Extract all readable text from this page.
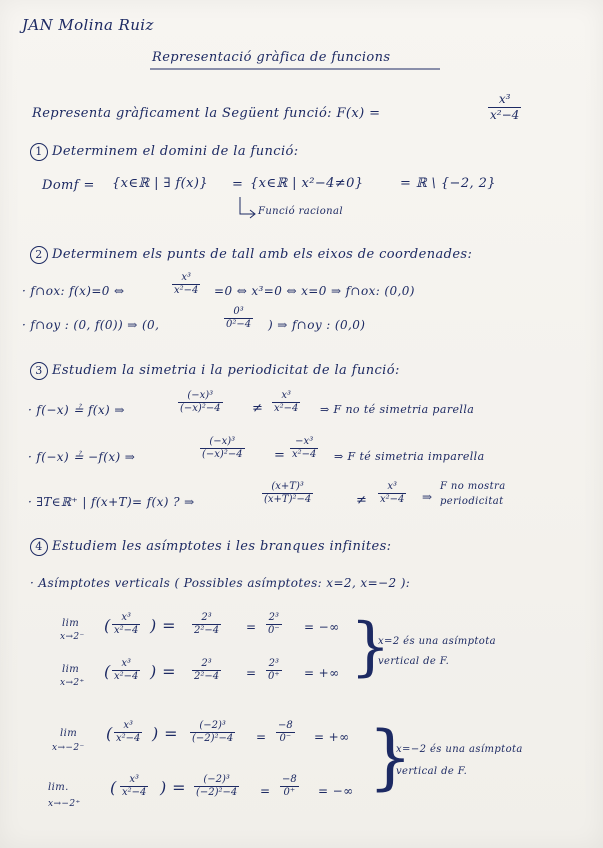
JAN Molina Ruiz
Representació gràfica de funcions
Representa gràficament la Següent funció: F(x) =	$\frac{\text{x³}}{\text{x²−4}}$
1 Determinem el domini de la funció:
Domf = {x∈ℝ | ∃ f(x)} = {x∈ℝ | x²−4≠0}	= ℝ \ {−2, 2}
Funció racional
2 Determinem els punts de tall amb els eixos de coordenades:
· f∩ox: f(x)=0 ⇔	$\frac{\text{x³}}{\text{x²−4}} =0$ ⇔ x³=0 ⇔ x=0 ⇒ f∩ox: (0,0)
· f∩oy : (0, f(0)) ⇒ (0,	$\frac{\text{0³}}{\text{0²−4}}$ ) ⇒ f∩oy : (0,0)
3 Estudiem la simetria i la periodicitat de la funció:
· f(−x) ≟ f(x) ⇒	$\frac{\text{(−x)³}}{\text{(−x)²−4}} \ne \frac{\text{x³}}{\text{x²−4}}$ ⇒ F no té simetria parella
· f(−x) ≟ −f(x) ⇒	$\frac{\text{(−x)³}}{\text{(−x)²−4}} = \frac{\text{−x³}}{\text{x²−4}}$ ⇒ F té simetria imparella
· ∃T∈ℝ⁺ | f(x+T)= f(x) ? ⇒	$\frac{\text{(x+T)³}}{\text{(x+T)²−4}}$	≠ $\frac{\text{x³}}{\text{x²−4}}$ ⇒
F no mostra
periodicitat
4 Estudiem les asímptotes i les branques infinites:
· Asímptotes verticals ( Possibles asímptotes: x=2, x=−2 ):
lim
x→2⁻
( $\frac{\text{x³}}{\text{x²−4}}$ ) = $\frac{\text{2³}}{\text{2²−4}} = \frac{\text{2³}}{0^-}$ = −∞
lim
x→2⁺
( $\frac{\text{x³}}{\text{x²−4}}$ ) = $\frac{\text{2³}}{\text{2²−4}} = \frac{\text{2³}}{0^+}$ = +∞ }
x=2 és una asímptota
vertical de F.
lim
x→−2⁻
( $\frac{\text{x³}}{\text{x²−4}}$ ) = $\frac{\text{(−2)³}}{\text{(−2)²−4}} = \frac{-8}{0^-}$ = +∞
lim.
x→−2⁺
( $\frac{\text{x³}}{\text{x²−4}}$ ) = $\frac{\text{(−2)³}}{\text{(−2)²−4}} = \frac{-8}{0^+}$ = −∞ }
x=−2 és una asímptota
vertical de F.
